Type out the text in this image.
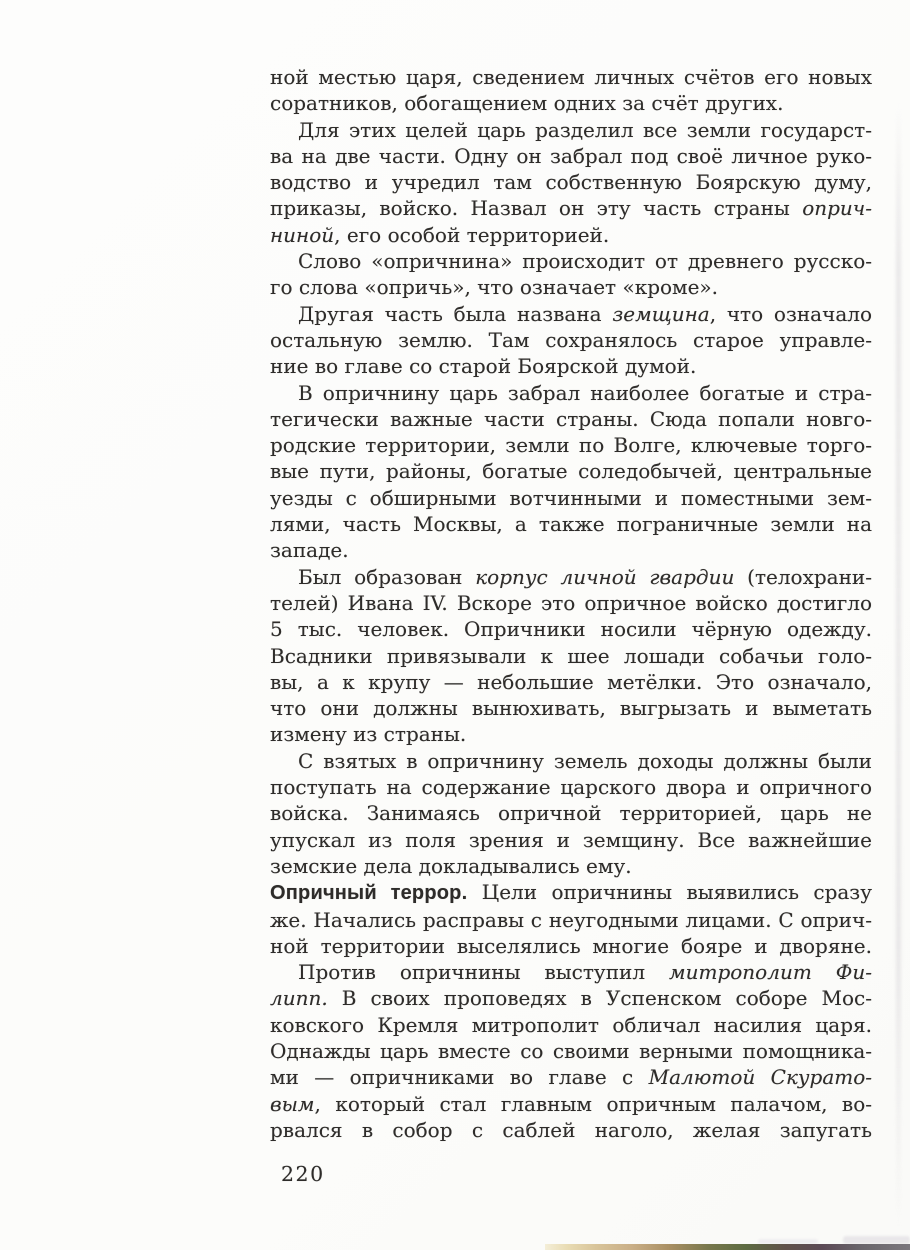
ной местью царя, сведением личных счётов его новых
соратников, обогащением одних за счёт других.
Для этих целей царь разделил все земли государст-
ва на две части. Одну он забрал под своё личное руко-
водство и учредил там собственную Боярскую думу,
приказы, войско. Назвал он эту часть страны оприч-
ниной, его особой территорией.
Слово «опричнина» происходит от древнего русско-
го слова «опричь», что означает «кроме».
Другая часть была названа земщина, что означало
остальную землю. Там сохранялось старое управле-
ние во главе со старой Боярской думой.
В опричнину царь забрал наиболее богатые и стра-
тегически важные части страны. Сюда попали новго-
родские территории, земли по Волге, ключевые торго-
вые пути, районы, богатые соледобычей, центральные
уезды с обширными вотчинными и поместными зем-
лями, часть Москвы, а также пограничные земли на
западе.
Был образован корпус личной гвардии (телохрани-
телей) Ивана IV. Вскоре это опричное войско достигло
5 тыс. человек. Опричники носили чёрную одежду.
Всадники привязывали к шее лошади собачьи голо-
вы, а к крупу — небольшие метёлки. Это означало,
что они должны вынюхивать, выгрызать и выметать
измену из страны.
С взятых в опричнину земель доходы должны были
поступать на содержание царского двора и опричного
войска. Занимаясь опричной территорией, царь не
упускал из поля зрения и земщину. Все важнейшие
земские дела докладывались ему.
Опричный террор. Цели опричнины выявились сразу
же. Начались расправы с неугодными лицами. С оприч-
ной территории выселялись многие бояре и дворяне.
Против опричнины выступил митрополит Фи-
липп. В своих проповедях в Успенском соборе Мос-
ковского Кремля митрополит обличал насилия царя.
Однажды царь вместе со своими верными помощника-
ми — опричниками во главе с Малютой Скурато-
вым, который стал главным опричным палачом, во-
рвался в собор с саблей наголо, желая запугать
220
